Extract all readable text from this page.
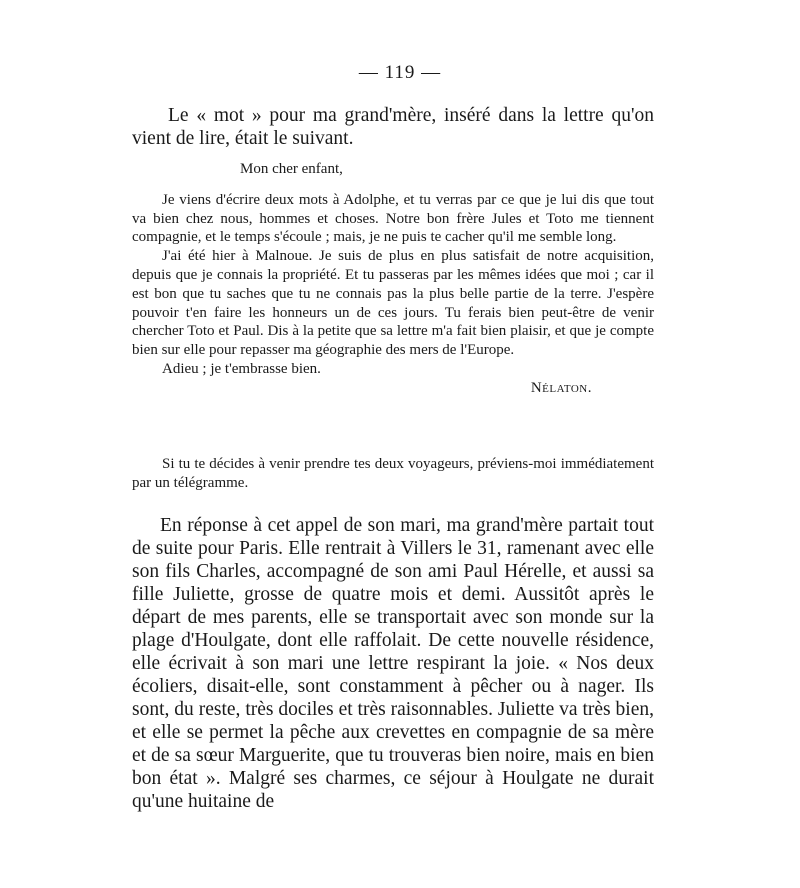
— 119 —

Le « mot » pour ma grand'mère, inséré dans la lettre qu'on vient de lire, était le suivant.

Mon cher enfant,

Je viens d'écrire deux mots à Adolphe, et tu verras par ce que je lui dis que tout va bien chez nous, hommes et choses. Notre bon frère Jules et Toto me tiennent compagnie, et le temps s'écoule ; mais, je ne puis te cacher qu'il me semble long.

J'ai été hier à Malnoue. Je suis de plus en plus satisfait de notre acquisition, depuis que je connais la propriété. Et tu passeras par les mêmes idées que moi ; car il est bon que tu saches que tu ne connais pas la plus belle partie de la terre. J'espère pouvoir t'en faire les honneurs un de ces jours. Tu ferais bien peut-être de venir chercher Toto et Paul. Dis à la petite que sa lettre m'a fait bien plaisir, et que je compte bien sur elle pour repasser ma géographie des mers de l'Europe.

Adieu ; je t'embrasse bien.

Nélaton.

Si tu te décides à venir prendre tes deux voyageurs, préviens-moi immédiatement par un télégramme.

En réponse à cet appel de son mari, ma grand'mère partait tout de suite pour Paris. Elle rentrait à Villers le 31, ramenant avec elle son fils Charles, accompagné de son ami Paul Hérelle, et aussi sa fille Juliette, grosse de quatre mois et demi. Aussitôt après le départ de mes parents, elle se transportait avec son monde sur la plage d'Houlgate, dont elle raffolait. De cette nouvelle résidence, elle écrivait à son mari une lettre respirant la joie. « Nos deux écoliers, disait-elle, sont constamment à pêcher ou à nager. Ils sont, du reste, très dociles et très raisonnables. Juliette va très bien, et elle se permet la pêche aux crevettes en compagnie de sa mère et de sa sœur Marguerite, que tu trouveras bien noire, mais en bien bon état ». Malgré ses charmes, ce séjour à Houlgate ne durait qu'une huitaine de
